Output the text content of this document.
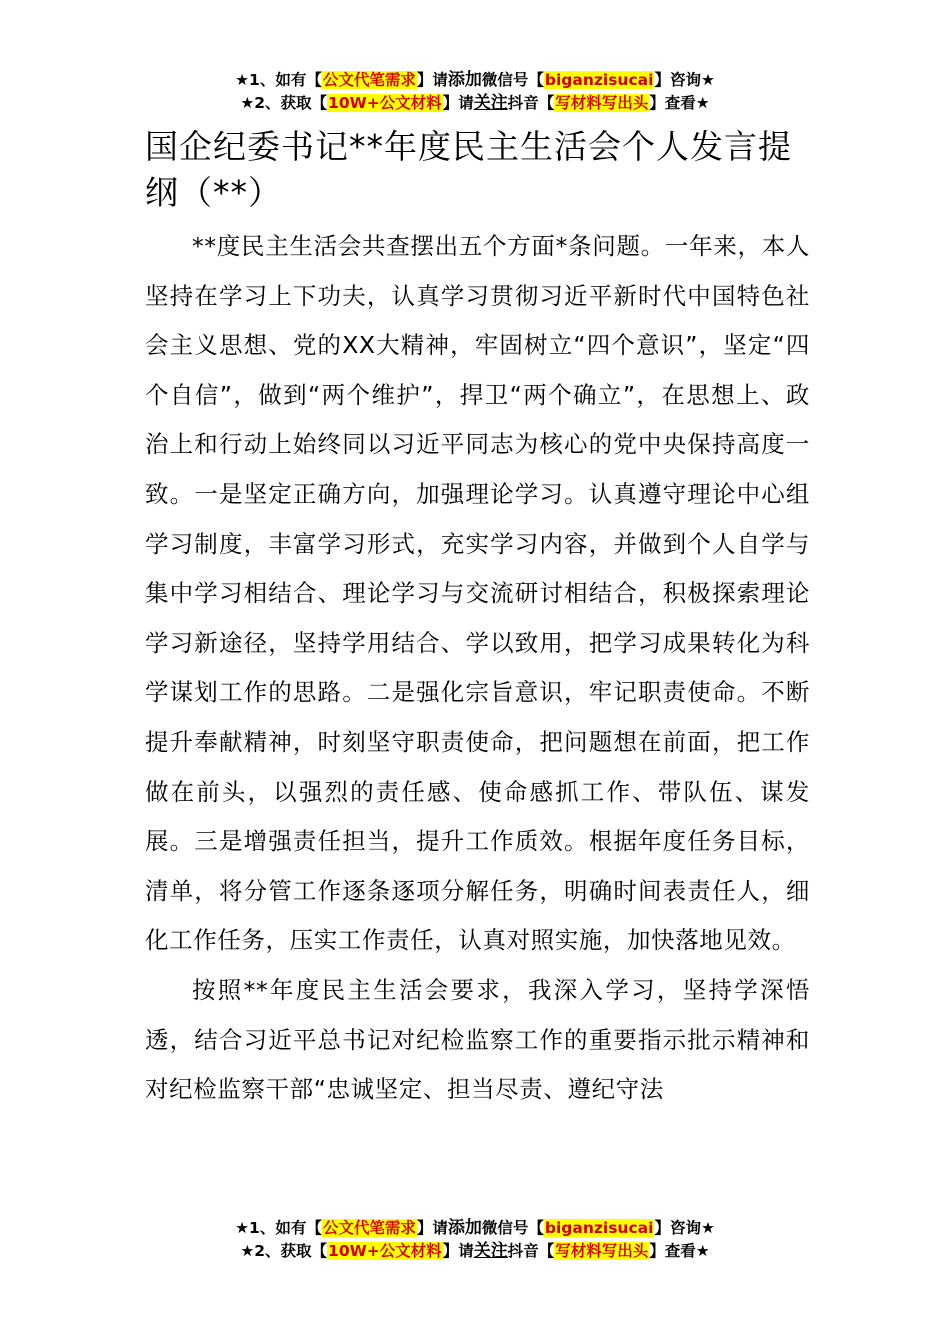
★1、如有【公文代笔需求】请添加微信号【biganzisucai】咨询★
★2、获取【10W+公文材料】请关注抖音【写材料写出头】查看★
国企纪委书记**年度民主生活会个人发言提纲（**）

**度民主生活会共查摆出五个方面*条问题。一年来，本人坚持在学习上下功夫，认真学习贯彻习近平新时代中国特色社会主义思想、党的XX大精神，牢固树立“四个意识”，坚定“四个自信”，做到“两个维护”，捍卫“两个确立”，在思想上、政治上和行动上始终同以习近平同志为核心的党中央保持高度一致。一是坚定正确方向，加强理论学习。认真遵守理论中心组学习制度，丰富学习形式，充实学习内容，并做到个人自学与集中学习相结合、理论学习与交流研讨相结合，积极探索理论学习新途径，坚持学用结合、学以致用，把学习成果转化为科学谋划工作的思路。二是强化宗旨意识，牢记职责使命。不断提升奉献精神，时刻坚守职责使命，把问题想在前面，把工作做在前头，以强烈的责任感、使命感抓工作、带队伍、谋发展。三是增强责任担当，提升工作质效。根据年度任务目标，清单，将分管工作逐条逐项分解任务，明确时间表责任人，细化工作任务，压实工作责任，认真对照实施，加快落地见效。

按照**年度民主生活会要求，我深入学习，坚持学深悟透，结合习近平总书记对纪检监察工作的重要指示批示精神和对纪检监察干部“忠诚坚定、担当尽责、遵纪守法

★1、如有【公文代笔需求】请添加微信号【biganzisucai】咨询★
★2、获取【10W+公文材料】请关注抖音【写材料写出头】查看★
